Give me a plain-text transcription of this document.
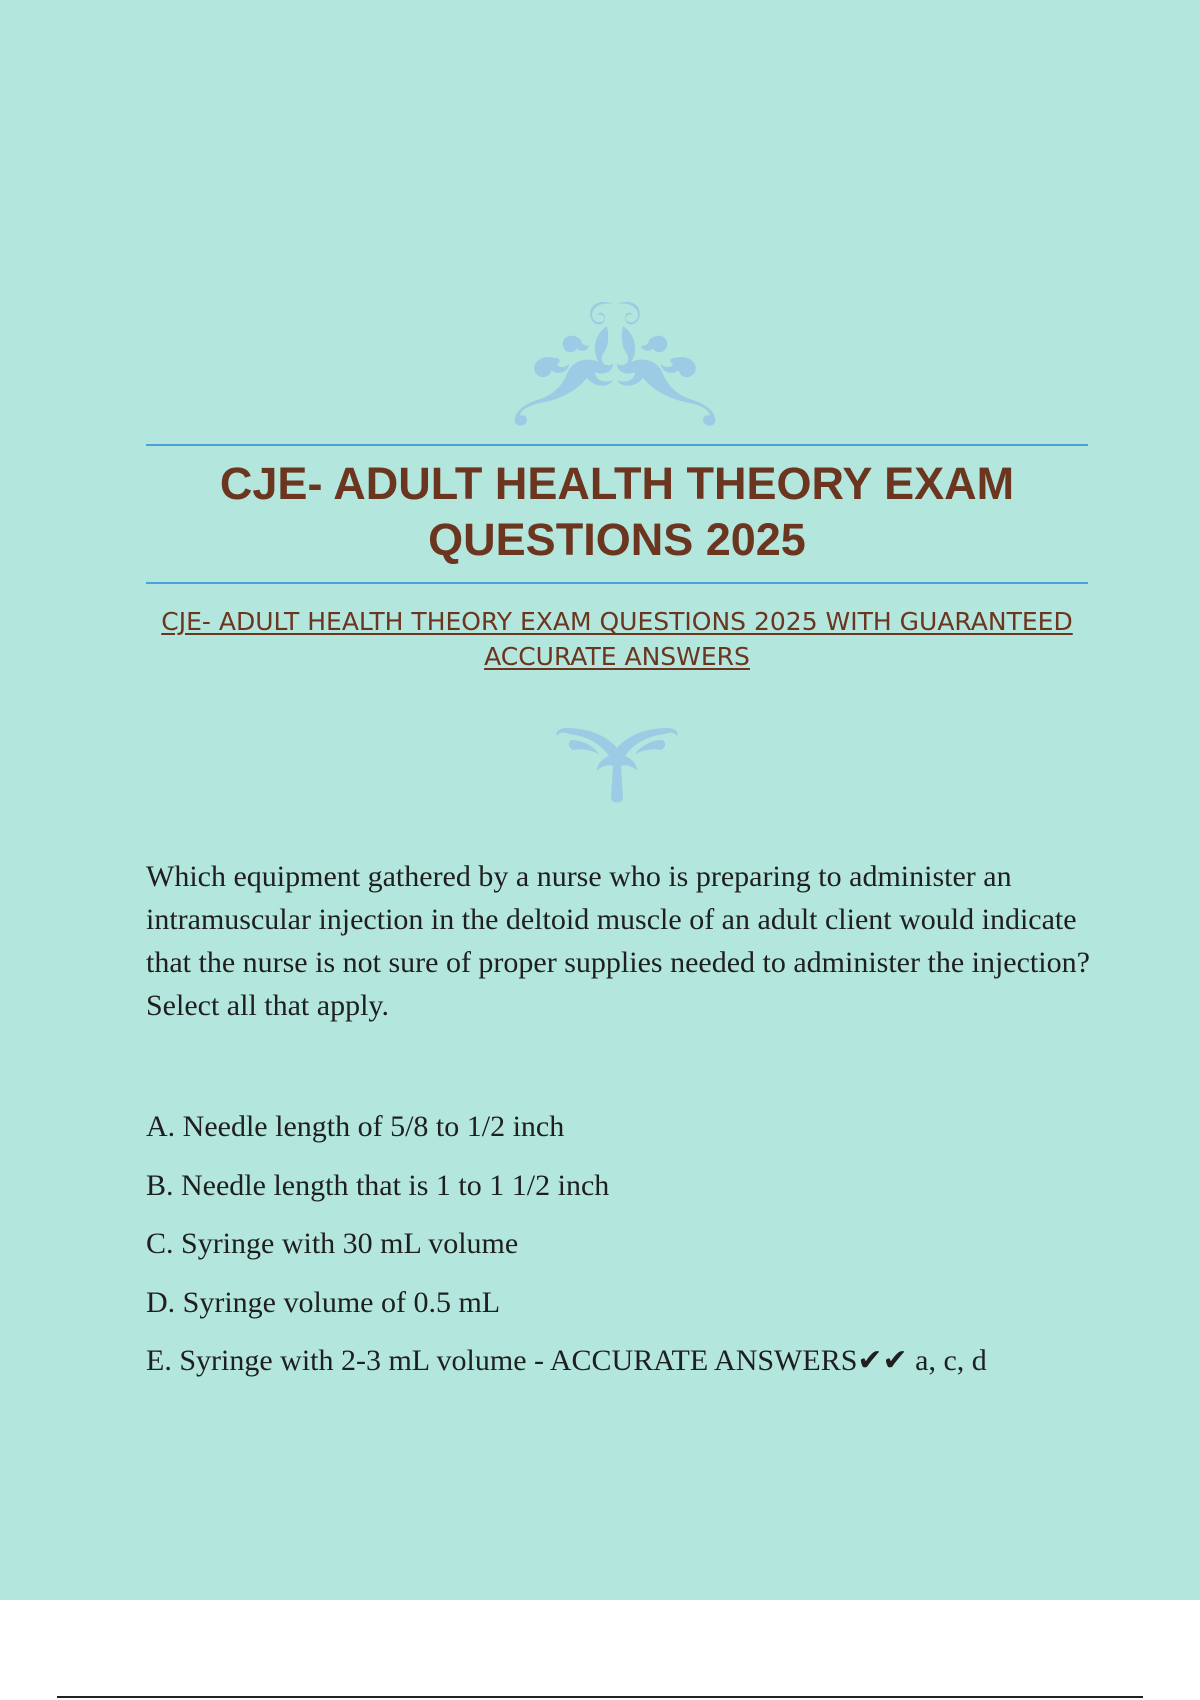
CJE- ADULT HEALTH THEORY EXAM QUESTIONS 2025
CJE- ADULT HEALTH THEORY EXAM QUESTIONS 2025 WITH GUARANTEED ACCURATE ANSWERS
Which equipment gathered by a nurse who is preparing to administer an intramuscular injection in the deltoid muscle of an adult client would indicate that the nurse is not sure of proper supplies needed to administer the injection? Select all that apply.
A. Needle length of 5/8 to 1/2 inch
B. Needle length that is 1 to 1 1/2 inch
C. Syringe with 30 mL volume
D. Syringe volume of 0.5 mL
E. Syringe with 2-3 mL volume - ACCURATE ANSWERS✔✔ a, c, d
